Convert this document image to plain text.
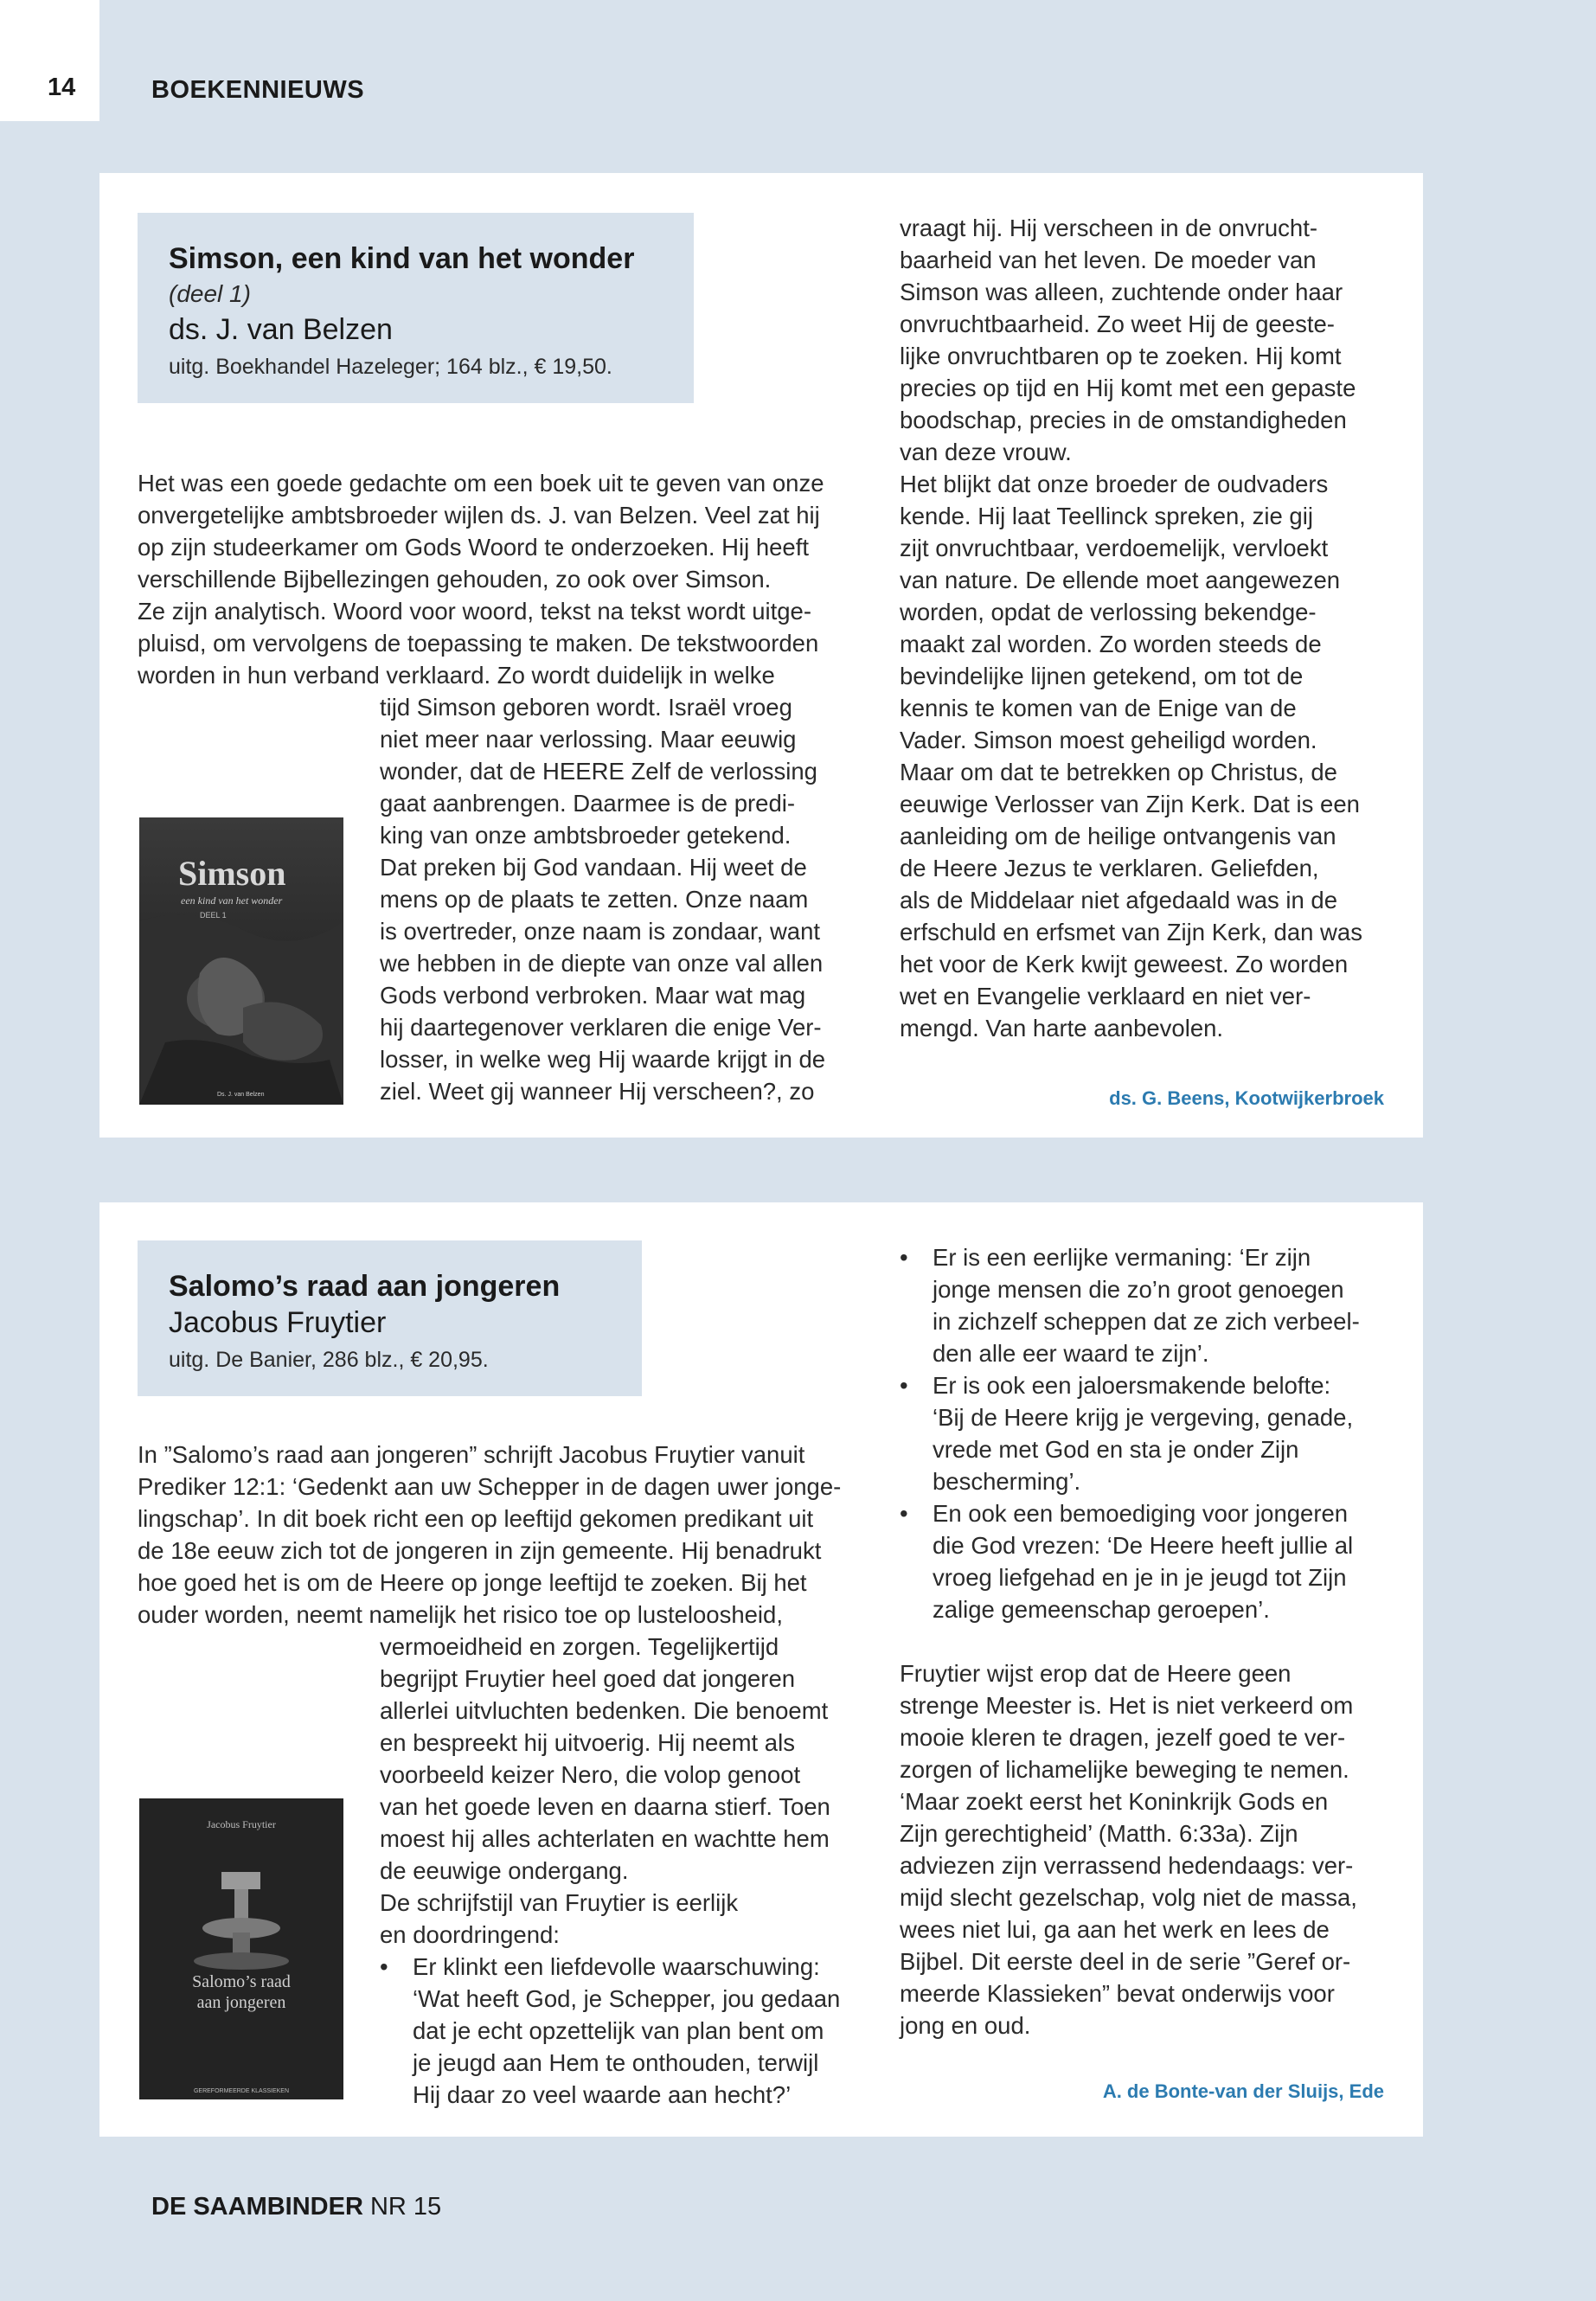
14	BOEKENNIEUWS
Simson, een kind van het wonder
(deel 1)
ds. J. van Belzen
uitg. Boekhandel Hazeleger; 164 blz., € 19,50.

Het was een goede gedachte om een boek uit te geven van onze

onvergetelijke ambtsbroeder wijlen ds. J. van Belzen. Veel zat hij

op zijn studeerkamer om Gods Woord te onderzoeken. Hij heeft

verschillende Bijbellezingen gehouden, zo ook over Simson.

Ze zijn analytisch. Woord voor woord, tekst na tekst wordt uitge-

pluisd, om vervolgens de toepassing te maken. De tekstwoorden

worden in hun verband verklaard. Zo wordt duidelijk in welke

Simson
een kind van het wonder
DEEL 1
Ds. J. van Belzen

tijd Simson geboren wordt. Israël vroeg

niet meer naar verlossing. Maar eeuwig

wonder, dat de HEERE Zelf de verlossing

gaat aanbrengen. Daarmee is de predi-

king van onze ambtsbroeder getekend.

Dat preken bij God vandaan. Hij weet de

mens op de plaats te zetten. Onze naam

is overtreder, onze naam is zondaar, want

we hebben in de diepte van onze val allen

Gods verbond verbroken. Maar wat mag

hij daartegenover verklaren die enige Ver-

losser, in welke weg Hij waarde krijgt in de

ziel. Weet gij wanneer Hij verscheen?, zo

vraagt hij. Hij verscheen in de onvrucht-

baarheid van het leven. De moeder van

Simson was alleen, zuchtende onder haar

onvruchtbaarheid. Zo weet Hij de geeste-

lijke onvruchtbaren op te zoeken. Hij komt

precies op tijd en Hij komt met een gepaste

boodschap, precies in de omstandigheden

van deze vrouw.

Het blijkt dat onze broeder de oudvaders

kende. Hij laat Teellinck spreken, zie gij

zijt onvruchtbaar, verdoemelijk, vervloekt

van nature. De ellende moet aangewezen

worden, opdat de verlossing bekendge-

maakt zal worden. Zo worden steeds de

bevindelijke lijnen getekend, om tot de

kennis te komen van de Enige van de

Vader. Simson moest geheiligd worden.

Maar om dat te betrekken op Christus, de

eeuwige Verlosser van Zijn Kerk. Dat is een

aanleiding om de heilige ontvangenis van

de Heere Jezus te verklaren. Geliefden,

als de Middelaar niet afgedaald was in de

erfschuld en erfsmet van Zijn Kerk, dan was

het voor de Kerk kwijt geweest. Zo worden

wet en Evangelie verklaard en niet ver-

mengd. Van harte aanbevolen.

ds. G. Beens, Kootwijkerbroek
Salomo’s raad aan jongeren
Jacobus Fruytier
uitg. De Banier, 286 blz., € 20,95.

In ”Salomo’s raad aan jongeren” schrijft Jacobus Fruytier vanuit

Prediker 12:1: ‘Gedenkt aan uw Schepper in de dagen uwer jonge-

lingschap’. In dit boek richt een op leeftijd gekomen predikant uit

de 18e eeuw zich tot de jongeren in zijn gemeente. Hij benadrukt

hoe goed het is om de Heere op jonge leeftijd te zoeken. Bij het

ouder worden, neemt namelijk het risico toe op lusteloosheid,

Jacobus Fruytier
Salomo’s raad
aan jongeren
GEREFORMEERDE KLASSIEKEN

vermoeidheid en zorgen. Tegelijkertijd

begrijpt Fruytier heel goed dat jongeren

allerlei uitvluchten bedenken. Die benoemt

en bespreekt hij uitvoerig. Hij neemt als

voorbeeld keizer Nero, die volop genoot

van het goede leven en daarna stierf. Toen

moest hij alles achterlaten en wachtte hem

de eeuwige ondergang.

De schrijfstijl van Fruytier is eerlijk

en doordringend:

•	Er klinkt een liefdevolle waarschuwing:

‘Wat heeft God, je Schepper, jou gedaan

dat je echt opzettelijk van plan bent om

je jeugd aan Hem te onthouden, terwijl

Hij daar zo veel waarde aan hecht?’

•	Er is een eerlijke vermaning: ‘Er zijn

jonge mensen die zo’n groot genoegen

in zichzelf scheppen dat ze zich verbeel-

den alle eer waard te zijn’.

•	Er is ook een jaloersmakende belofte:

‘Bij de Heere krijg je vergeving, genade,

vrede met God en sta je onder Zijn

bescherming’.

•	En ook een bemoediging voor jongeren

die God vrezen: ‘De Heere heeft jullie al

vroeg liefgehad en je in je jeugd tot Zijn

zalige gemeenschap geroepen’.

Fruytier wijst erop dat de Heere geen

strenge Meester is. Het is niet verkeerd om

mooie kleren te dragen, jezelf goed te ver-

zorgen of lichamelijke beweging te nemen.

‘Maar zoekt eerst het Koninkrijk Gods en

Zijn gerechtigheid’ (Matth. 6:33a). Zijn

adviezen zijn verrassend hedendaags: ver-

mijd slecht gezelschap, volg niet de massa,

wees niet lui, ga aan het werk en lees de

Bijbel. Dit eerste deel in de serie ”Geref or-

meerde Klassieken” bevat onderwijs voor

jong en oud.

A. de Bonte-van der Sluijs, Ede
DE SAAMBINDER NR 15
